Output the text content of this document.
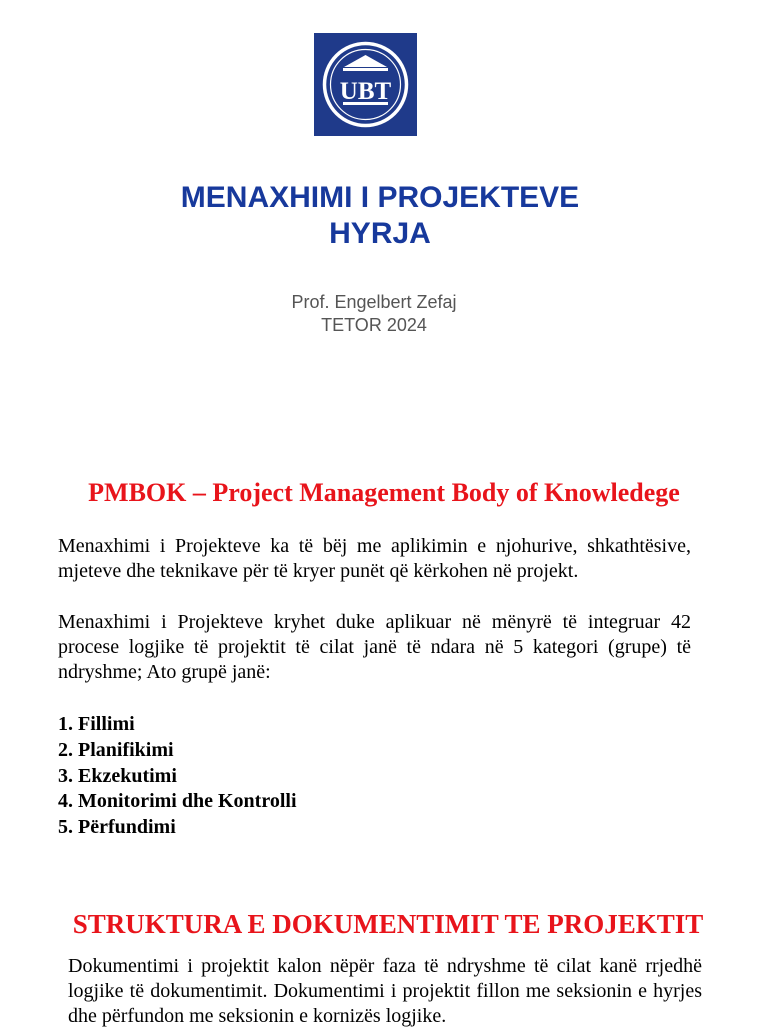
UBT
MENAXHIMI I PROJEKTEVE
HYRJA
Prof. Engelbert Zefaj
TETOR 2024
PMBOK – Project Management Body of Knowledege
Menaxhimi i Projekteve ka të bëj me aplikimin e njohurive, shkathtësive, mjeteve dhe teknikave për të kryer punët që kërkohen në projekt.
Menaxhimi i Projekteve kryhet duke aplikuar në mënyrë të integruar 42 procese logjike të projektit të cilat janë të ndara në 5 kategori (grupe) të ndryshme; Ato grupë janë:
1. Fillimi
2. Planifikimi
3. Ekzekutimi
4. Monitorimi dhe Kontrolli
5. Përfundimi
STRUKTURA E DOKUMENTIMIT TE PROJEKTIT
Dokumentimi i projektit kalon nëpër faza të ndryshme të cilat kanë rrjedhë logjike të dokumentimit. Dokumentimi i projektit fillon me seksionin e hyrjes dhe përfundon me seksionin e kornizës logjike.
